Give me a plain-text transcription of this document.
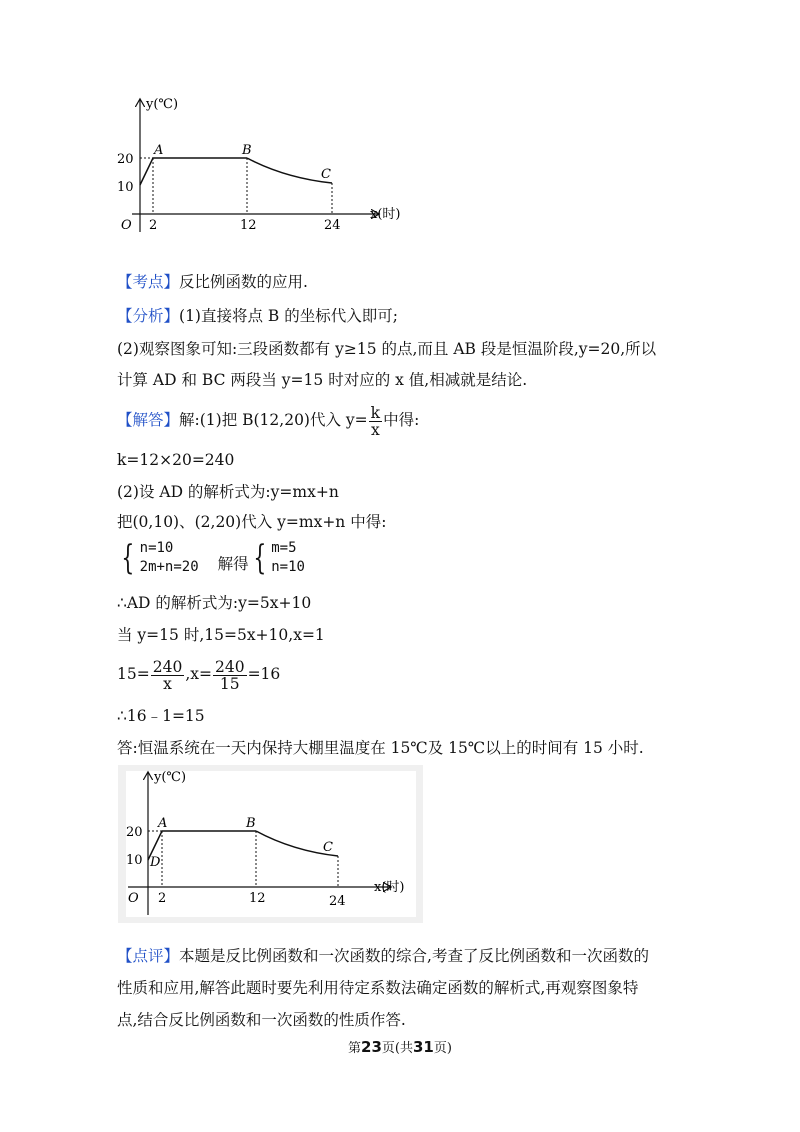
y(℃)
x(时)
O
20
10
2	12	24
A	B
C
【考点】反比例函数的应用.
【分析】(1)直接将点 B 的坐标代入即可;
(2)观察图象可知:三段函数都有 y≥15 的点,而且 AB 段是恒温阶段,y=20,所以
计算 AD 和 BC 两段当 y=15 时对应的 x 值,相减就是结论.
【解答】解:(1)把 B(12,20)代入 $y= \frac{k}{x}$ 中得:
k=12×20=240
(2)设 AD 的解析式为:y=mx+n
把(0,10)、(2,20)代入 y=mx+n 中得:
{ n=10
2m+n=20 解得 { m=5
n=10
∴AD 的解析式为:y=5x+10
当 y=15 时,15=5x+10,x=1
$15= \frac{240}{x} ,x= \frac{240}{15} =16$
∴16﹣1=15
答:恒温系统在一天内保持大棚里温度在 15℃及 15℃以上的时间有 15 小时.
y(℃)
x(时)
O
20
10
2	12	24
A	B
C
D
【点评】本题是反比例函数和一次函数的综合,考查了反比例函数和一次函数的
性质和应用,解答此题时要先利用待定系数法确定函数的解析式,再观察图象特
点,结合反比例函数和一次函数的性质作答.
第23页(共31页)
